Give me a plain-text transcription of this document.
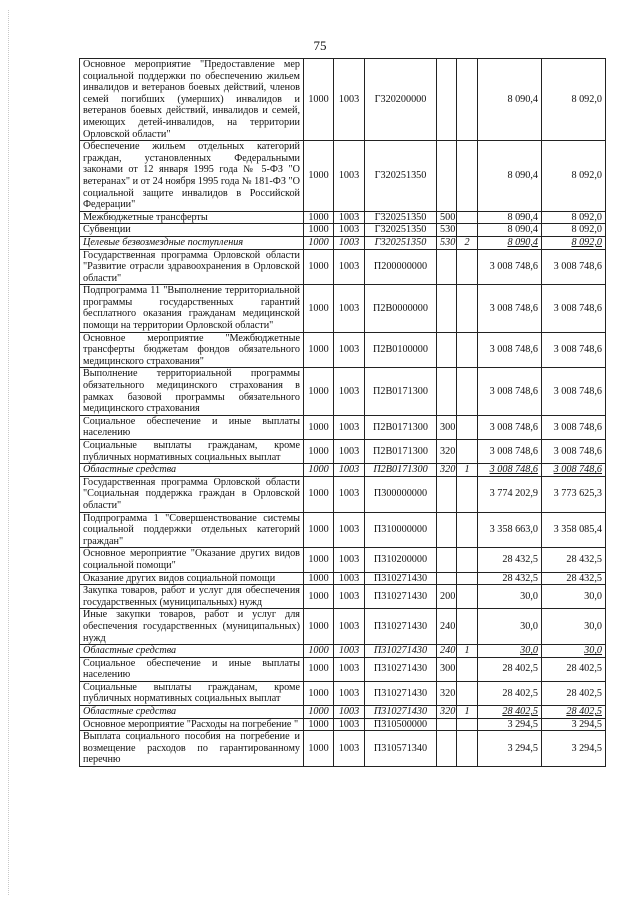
75
Основное мероприятие "Предоставление мер социальной поддержки по обеспечению жильем инвалидов и ветеранов боевых действий, членов семей погибших (умерших) инвалидов и ветеранов боевых действий, инвалидов и семей, имеющих детей-инвалидов, на территории Орловской области"	1000	1003	Г320200000			8 090,4	8 092,0
Обеспечение жильем отдельных категорий граждан, установленных Федеральными законами от 12 января 1995 года № 5-ФЗ "О ветеранах" и от 24 ноября 1995 года № 181-ФЗ "О социальной защите инвалидов в Российской Федерации"	1000	1003	Г320251350			8 090,4	8 092,0
Межбюджетные трансферты	1000	1003	Г320251350	500		8 090,4	8 092,0
Субвенции	1000	1003	Г320251350	530		8 090,4	8 092,0
Целевые безвозмездные поступления	1000	1003	Г320251350	530	2	8 090,4	8 092,0
Государственная программа Орловской области "Развитие отрасли здравоохранения в Орловской области"	1000	1003	П200000000			3 008 748,6	3 008 748,6
Подпрограмма 11 "Выполнение территориальной программы государственных гарантий бесплатного оказания гражданам медицинской помощи на территории Орловской области"	1000	1003	П2В0000000			3 008 748,6	3 008 748,6
Основное мероприятие "Межбюджетные трансферты бюджетам фондов обязательного медицинского страхования"	1000	1003	П2В0100000			3 008 748,6	3 008 748,6
Выполнение территориальной программы обязательного медицинского страхования в рамках базовой программы обязательного медицинского страхования	1000	1003	П2В0171300			3 008 748,6	3 008 748,6
Социальное обеспечение и иные выплаты населению	1000	1003	П2В0171300	300		3 008 748,6	3 008 748,6
Социальные выплаты гражданам, кроме публичных нормативных социальных выплат	1000	1003	П2В0171300	320		3 008 748,6	3 008 748,6
Областные средства	1000	1003	П2В0171300	320	1	3 008 748,6	3 008 748,6
Государственная программа Орловской области "Социальная поддержка граждан в Орловской области"	1000	1003	П300000000			3 774 202,9	3 773 625,3
Подпрограмма 1 "Совершенствование системы социальной поддержки отдельных категорий граждан"	1000	1003	П310000000			3 358 663,0	3 358 085,4
Основное мероприятие "Оказание других видов социальной помощи"	1000	1003	П310200000			28 432,5	28 432,5
Оказание других видов социальной помощи	1000	1003	П310271430			28 432,5	28 432,5
Закупка товаров, работ и услуг для обеспечения государственных (муниципальных) нужд	1000	1003	П310271430	200		30,0	30,0
Иные закупки товаров, работ и услуг для обеспечения государственных (муниципальных) нужд	1000	1003	П310271430	240		30,0	30,0
Областные средства	1000	1003	П310271430	240	1	30,0	30,0
Социальное обеспечение и иные выплаты населению	1000	1003	П310271430	300		28 402,5	28 402,5
Социальные выплаты гражданам, кроме публичных нормативных социальных выплат	1000	1003	П310271430	320		28 402,5	28 402,5
Областные средства	1000	1003	П310271430	320	1	28 402,5	28 402,5
Основное мероприятие "Расходы на погребение "	1000	1003	П310500000			3 294,5	3 294,5
Выплата социального пособия на погребение и возмещение расходов по гарантированному перечню	1000	1003	П310571340			3 294,5	3 294,5
